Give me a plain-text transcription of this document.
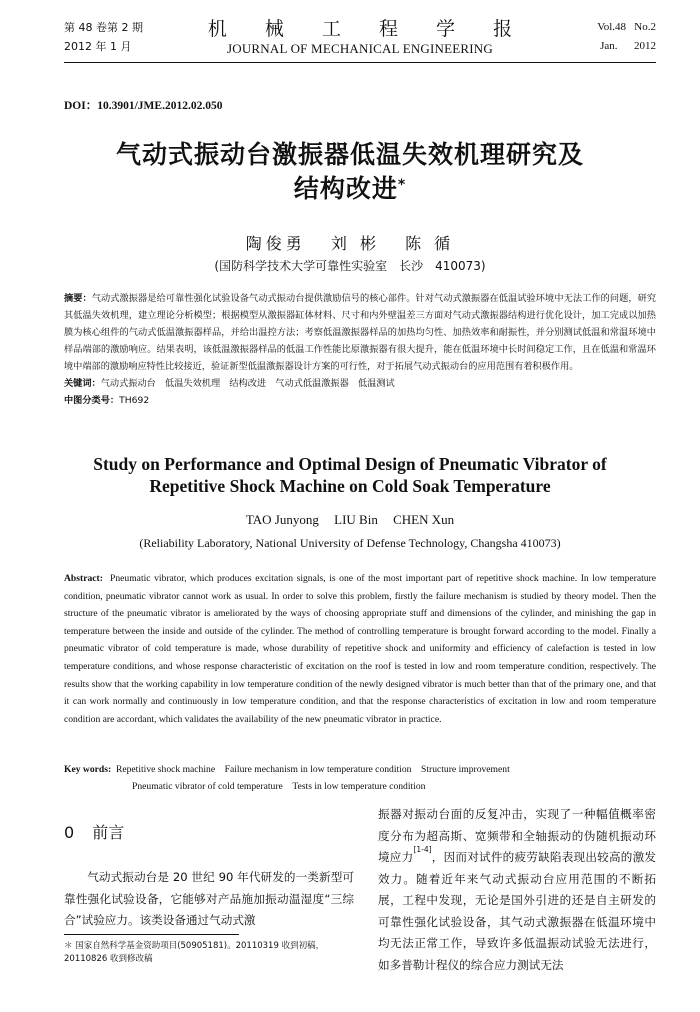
第 48 卷第 2 期
2012 年 1 月
机 械 工 程 学 报
JOURNAL OF MECHANICAL ENGINEERING
Vol.48 No.2
Jan. 2012
DOI：10.3901/JME.2012.02.050
气动式振动台激振器低温失效机理研究及
结构改进*
陶俊勇 刘 彬 陈 循
(国防科学技术大学可靠性实验室　长沙　410073)
摘要：气动式激振器是给可靠性强化试验设备气动式振动台提供激励信号的核心部件。针对气动式激振器在低温试验环境中无法工作的问题，研究其低温失效机理，建立理论分析模型；根据模型从激振器缸体材料、尺寸和内外壁温差三方面对气动式激振器结构进行优化设计，加工完成以加热膜为核心组件的气动式低温激振器样品，并给出温控方法；考察低温激振器样品的加热均匀性、加热效率和耐振性，并分别测试低温和常温环境中样品端部的激励响应。结果表明，该低温激振器样品的低温工作性能比原激振器有很大提升，能在低温环境中长时间稳定工作，且在低温和常温环境中端部的激励响应特性比较接近，验证新型低温激振器设计方案的可行性，对于拓展气动式振动台的应用范围有着积极作用。
关键词：气动式振动台　低温失效机理　结构改进　气动式低温激振器　低温测试
中图分类号：TH692
Study on Performance and Optimal Design of Pneumatic Vibrator of
Repetitive Shock Machine on Cold Soak Temperature
TAO Junyong LIU Bin CHEN Xun
(Reliability Laboratory, National University of Defense Technology, Changsha 410073)
Abstract: Pneumatic vibrator, which produces excitation signals, is one of the most important part of repetitive shock machine. In low temperature condition, pneumatic vibrator cannot work as usual. In order to solve this problem, firstly the failure mechanism is studied by theory model. Then the structure of the pneumatic vibrator is ameliorated by the ways of choosing appropriate stuff and dimensions of the cylinder, and minishing the gap in temperature between the inside and outside of the cylinder. The method of controlling temperature is brought forward according to the model. Finally a pneumatic vibrator of cold temperature is made, whose durability of repetitive shock and uniformity and efficiency of calefaction is tested in low temperature conditions, and whose response characteristic of excitation on the roof is tested in low and room temperature condition, respectively. The results show that the working capability in low temperature condition of the newly designed vibrator is much better than that of the primary one, and that it can work normally and continuously in low temperature condition, and that the response characteristics of excitation in low and room temperature condition are accordant, which validates the availability of the new pneumatic vibrator in practice.
Key words: Repetitive shock machine　Failure mechanism in low temperature condition　Structure improvement
Pneumatic vibrator of cold temperature　Tests in low temperature condition
0 前言
气动式振动台是 20 世纪 90 年代研发的一类新型可靠性强化试验设备，它能够对产品施加振动温湿度“三综合”试验应力。该类设备通过气动式激
＊ 国家自然科学基金资助项目(50905181)。20110319 收到初稿，20110826 收到修改稿
振器对振动台面的反复冲击，实现了一种幅值概率密度分布为超高斯、宽频带和全轴振动的伪随机振动环境应力[1-4]，因而对试件的疲劳缺陷表现出较高的激发效力。随着近年来气动式振动台应用范围的不断拓展，工程中发现，无论是国外引进的还是自主研发的可靠性强化试验设备，其气动式激振器在低温环境中均无法正常工作，导致许多低温振动试验无法进行，如多普勒计程仪的综合应力测试无法
